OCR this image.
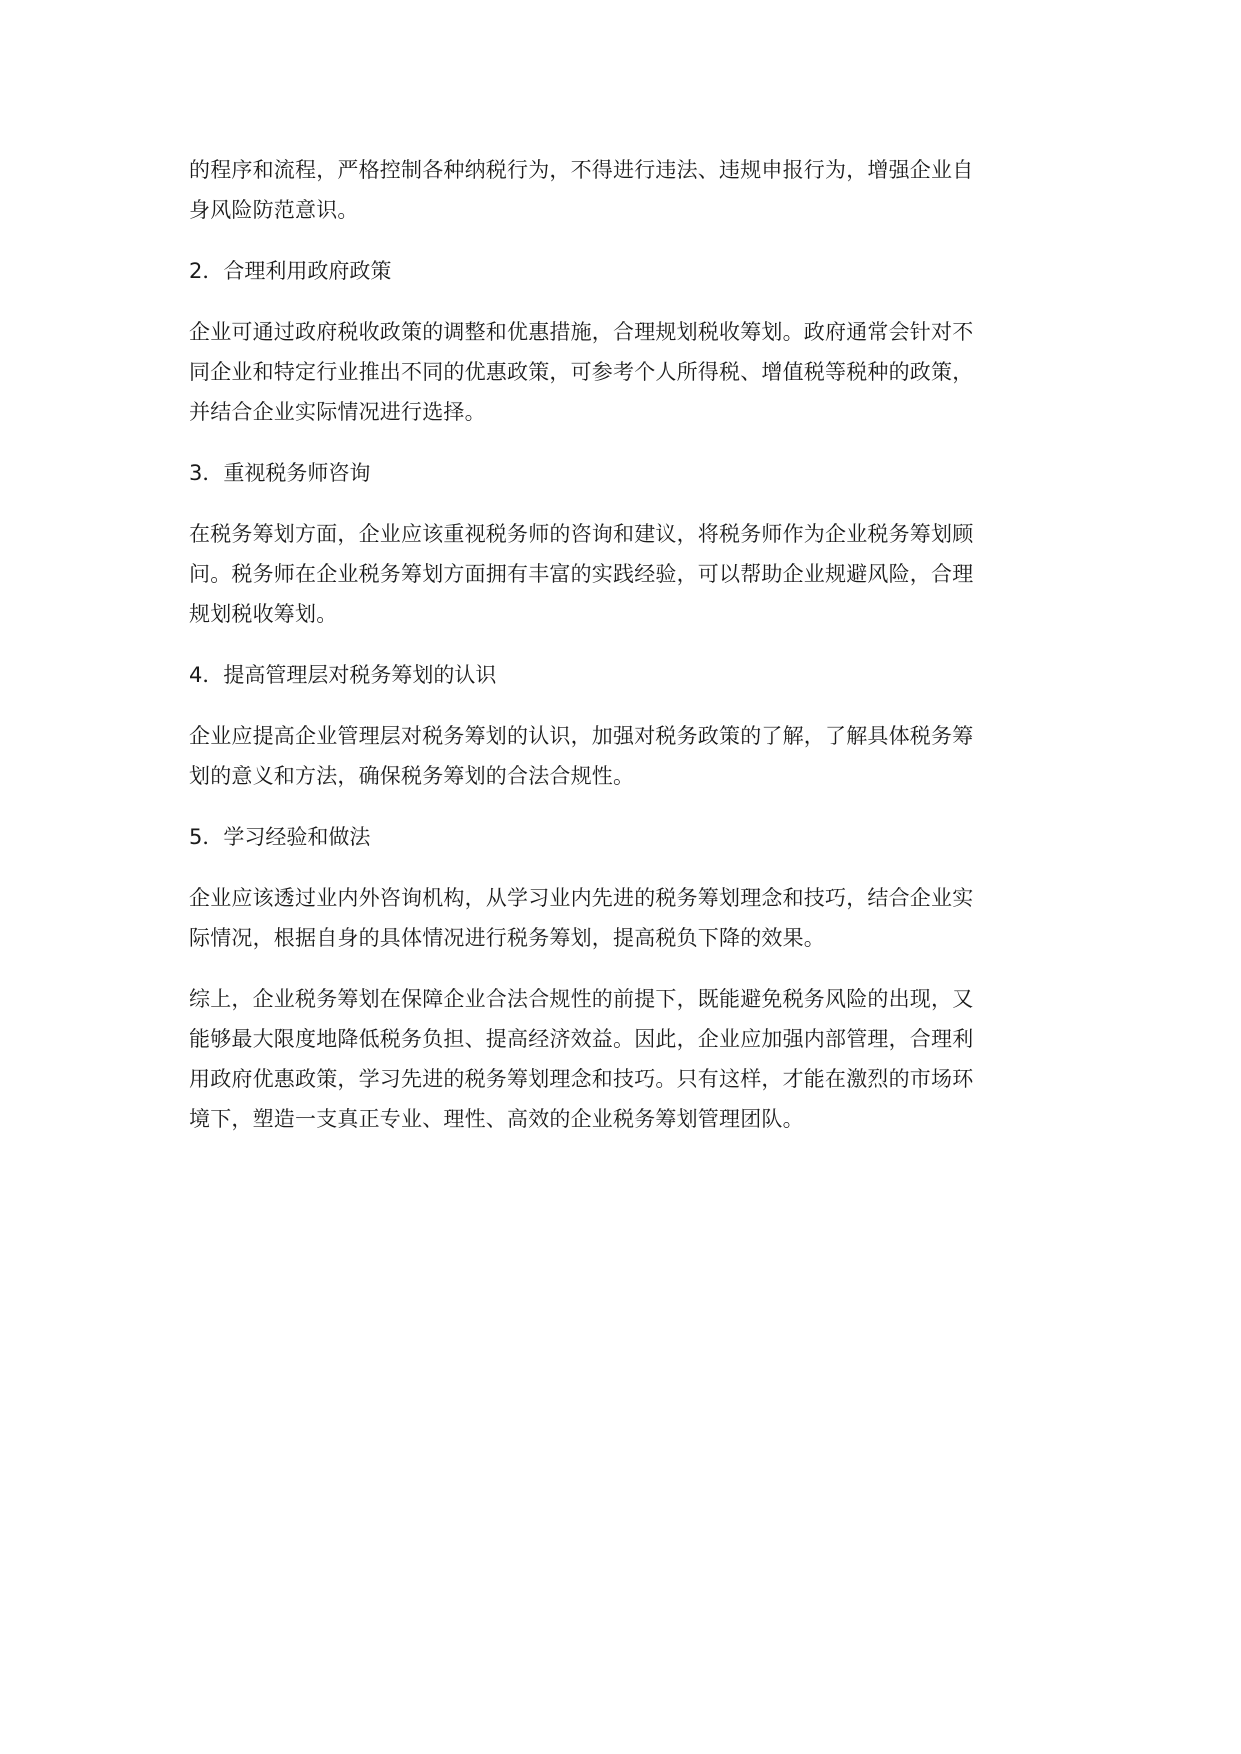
的程序和流程，严格控制各种纳税行为，不得进行违法、违规申报行为，增强企业自
身风险防范意识。

2．合理利用政府政策

企业可通过政府税收政策的调整和优惠措施，合理规划税收筹划。政府通常会针对不
同企业和特定行业推出不同的优惠政策，可参考个人所得税、增值税等税种的政策，
并结合企业实际情况进行选择。

3．重视税务师咨询

在税务筹划方面，企业应该重视税务师的咨询和建议，将税务师作为企业税务筹划顾
问。税务师在企业税务筹划方面拥有丰富的实践经验，可以帮助企业规避风险，合理
规划税收筹划。

4．提高管理层对税务筹划的认识

企业应提高企业管理层对税务筹划的认识，加强对税务政策的了解，了解具体税务筹
划的意义和方法，确保税务筹划的合法合规性。

5．学习经验和做法

企业应该透过业内外咨询机构，从学习业内先进的税务筹划理念和技巧，结合企业实
际情况，根据自身的具体情况进行税务筹划，提高税负下降的效果。

综上，企业税务筹划在保障企业合法合规性的前提下，既能避免税务风险的出现，又
能够最大限度地降低税务负担、提高经济效益。因此，企业应加强内部管理，合理利
用政府优惠政策，学习先进的税务筹划理念和技巧。只有这样，才能在激烈的市场环
境下，塑造一支真正专业、理性、高效的企业税务筹划管理团队。
